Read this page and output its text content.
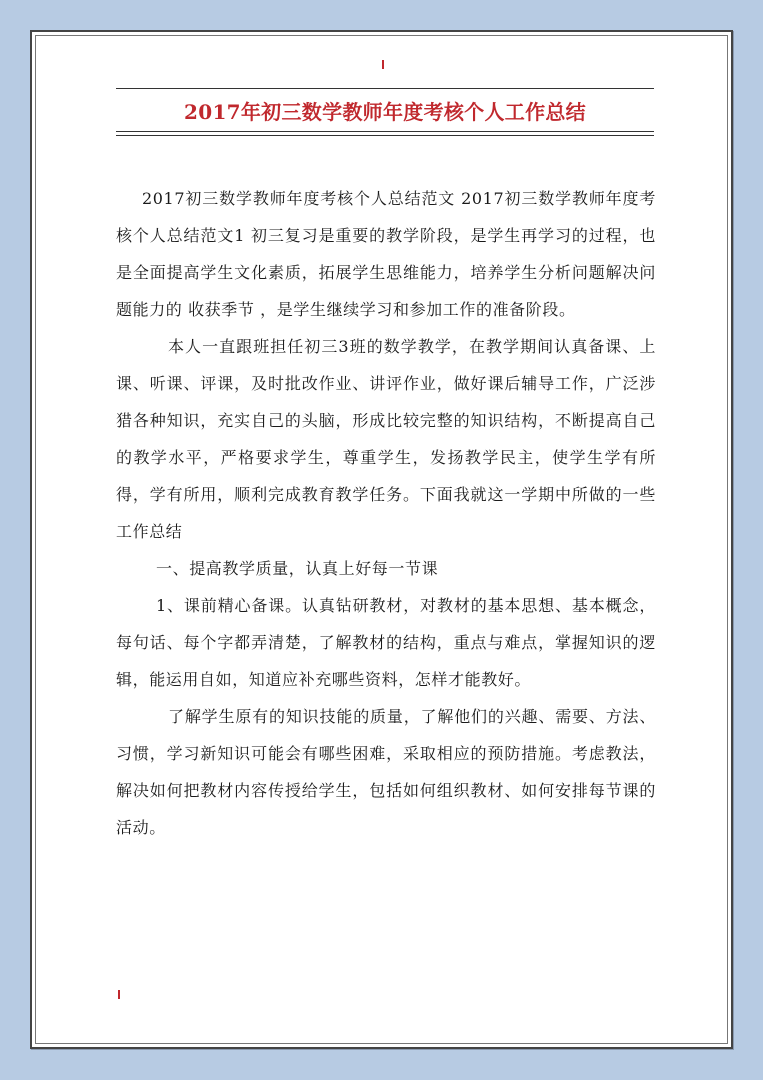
2017年初三数学教师年度考核个人工作总结

2017初三数学教师年度考核个人总结范文 2017初三数学教师年度考核个人总结范文1 初三复习是重要的教学阶段，是学生再学习的过程，也是全面提高学生文化素质，拓展学生思维能力，培养学生分析问题解决问题能力的 收获季节 ，是学生继续学习和参加工作的准备阶段。

本人一直跟班担任初三3班的数学教学，在教学期间认真备课、上课、听课、评课，及时批改作业、讲评作业，做好课后辅导工作，广泛涉猎各种知识，充实自己的头脑，形成比较完整的知识结构，不断提高自己的教学水平，严格要求学生，尊重学生，发扬教学民主，使学生学有所得，学有所用，顺利完成教育教学任务。下面我就这一学期中所做的一些工作总结

一、提高教学质量，认真上好每一节课

1、课前精心备课。认真钻研教材，对教材的基本思想、基本概念，每句话、每个字都弄清楚，了解教材的结构，重点与难点，掌握知识的逻辑，能运用自如，知道应补充哪些资料，怎样才能教好。

了解学生原有的知识技能的质量，了解他们的兴趣、需要、方法、习惯，学习新知识可能会有哪些困难，采取相应的预防措施。考虑教法，解决如何把教材内容传授给学生，包括如何组织教材、如何安排每节课的活动。
